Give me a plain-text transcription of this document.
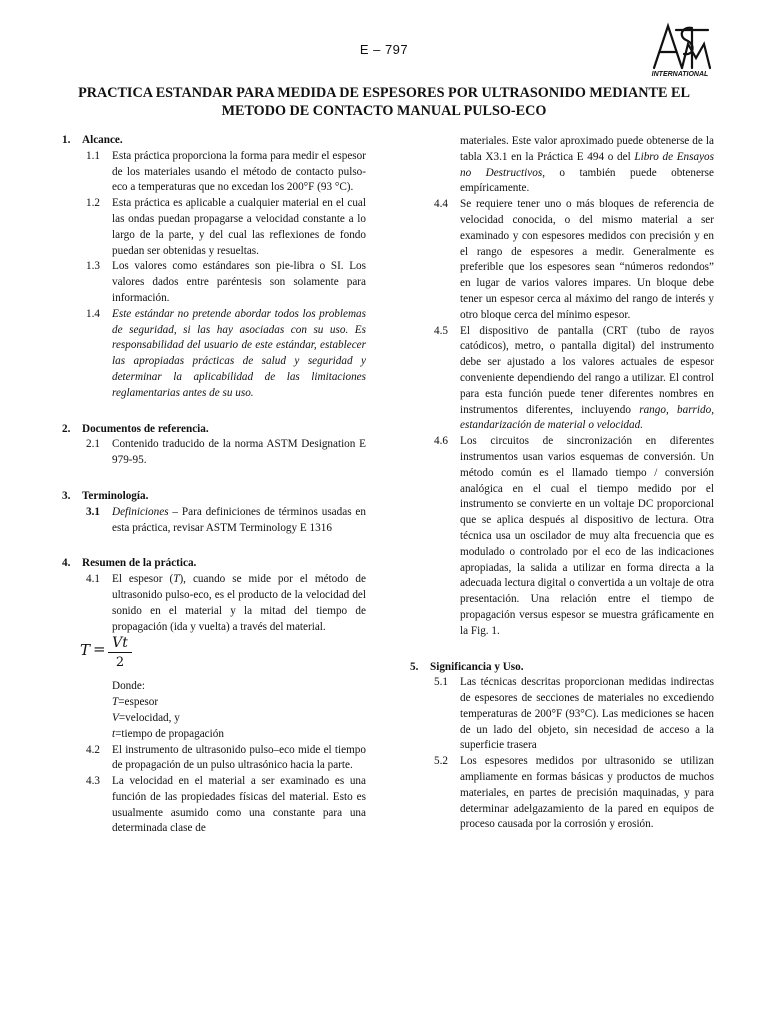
E – 797
INTERNATIONAL
PRACTICA ESTANDAR PARA MEDIDA DE ESPESORES POR ULTRASONIDO MEDIANTE EL
METODO DE CONTACTO MANUAL PULSO-ECO
1. Alcance.
1.1 Esta práctica proporciona la forma para medir el espesor de los materiales usando el método de contacto pulso-eco a temperaturas que no excedan los 200°F (93 °C).
1.2 Esta práctica es aplicable a cualquier material en el cual las ondas puedan propagarse a velocidad constante a lo largo de la parte, y del cual las reflexiones de fondo puedan ser obtenidas y resueltas.
1.3 Los valores como estándares son pie-libra o SI. Los valores dados entre paréntesis son solamente para información.
1.4 Este estándar no pretende abordar todos los problemas de seguridad, si las hay asociadas con su uso. Es responsabilidad del usuario de este estándar, establecer las apropiadas prácticas de salud y seguridad y determinar la aplicabilidad de las limitaciones reglamentarias antes de su uso.
2. Documentos de referencia.
2.1 Contenido traducido de la norma ASTM Designation E 979-95.
3. Terminología.
3.1 Definiciones – Para definiciones de términos usadas en esta práctica, revisar ASTM Terminology E 1316
4. Resumen de la práctica.
4.1 El espesor (T), cuando se mide por el método de ultrasonido pulso-eco, es el producto de la velocidad del sonido en el material y la mitad del tiempo de propagación (ida y vuelta) a través del material.
T = Vt
2
Donde:
T=espesor
V=velocidad, y
t=tiempo de propagación
4.2 El instrumento de ultrasonido pulso–eco mide el tiempo de propagación de un pulso ultrasónico hacia la parte.
4.3 La velocidad en el material a ser examinado es una función de las propiedades físicas del material. Esto es usualmente asumido como una constante para una determinada clase de
materiales. Este valor aproximado puede obtenerse de la tabla X3.1 en la Práctica E 494 o del Libro de Ensayos no Destructivos, o también puede obtenerse empíricamente.
4.4 Se requiere tener uno o más bloques de referencia de velocidad conocida, o del mismo material a ser examinado y con espesores medidos con precisión y en el rango de espesores a medir. Generalmente es preferible que los espesores sean “números redondos” en lugar de varios valores impares. Un bloque debe tener un espesor cerca al máximo del rango de interés y otro bloque cerca del mínimo espesor.
4.5 El dispositivo de pantalla (CRT (tubo de rayos catódicos), metro, o pantalla digital) del instrumento debe ser ajustado a los valores actuales de espesor conveniente dependiendo del rango a utilizar. El control para esta función puede tener diferentes nombres en instrumentos diferentes, incluyendo rango, barrido, estandarización de material o velocidad.
4.6 Los circuitos de sincronización en diferentes instrumentos usan varios esquemas de conversión. Un método común es el llamado tiempo / conversión analógica en el cual el tiempo medido por el instrumento se convierte en un voltaje DC proporcional que se aplica después al dispositivo de lectura. Otra técnica usa un oscilador de muy alta frecuencia que es modulado o controlado por el eco de las indicaciones apropiadas, la salida a utilizar en forma directa a la adecuada lectura digital o convertida a un voltaje de otra presentación. Una relación entre el tiempo de propagación versus espesor se muestra gráficamente en la Fig. 1.
5. Significancia y Uso.
5.1 Las técnicas descritas proporcionan medidas indirectas de espesores de secciones de materiales no excediendo temperaturas de 200°F (93°C). Las mediciones se hacen de un lado del objeto, sin necesidad de acceso a la superficie trasera
5.2 Los espesores medidos por ultrasonido se utilizan ampliamente en formas básicas y productos de muchos materiales, en partes de precisión maquinadas, y para determinar adelgazamiento de la pared en equipos de proceso causada por la corrosión y erosión.
